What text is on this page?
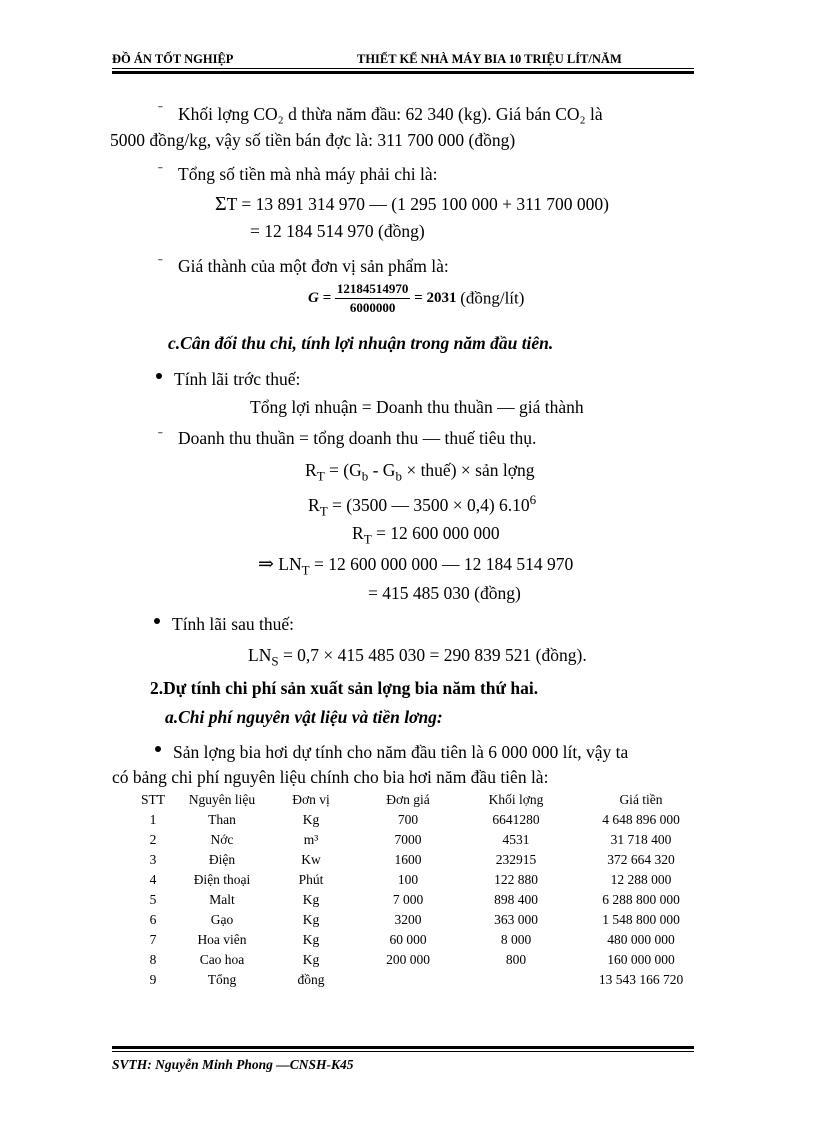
ĐỒ ÁN TỐT NGHIỆP	THIẾT KẾ NHÀ MÁY BIA 10 TRIỆU LÍT/NĂM
ˉ Khối lợng CO₂ d thừa năm đầu: 62 340 (kg). Giá bán CO₂ là
5000 đồng/kg, vậy số tiền bán đợc là: 311 700 000 (đồng)
ˉ Tổng số tiền mà nhà máy phải chi là:
ΣT = 13 891 314 970 — (1 295 100 000 + 311 700 000)
= 12 184 514 970 (đồng)
ˉ Giá thành của một đơn vị sản phẩm là:
$G = \frac{12184514970}{6000000} = 2031$ (đồng/lít)
c.Cân đối thu chi, tính lợi nhuận trong năm đầu tiên.
Tính lãi trớc thuế:
Tổng lợi nhuận = Doanh thu thuần — giá thành
ˉ Doanh thu thuần = tổng doanh thu — thuế tiêu thụ.
$R_T = (G_b - G_b$ × thuế) × sản lợng
$R_T = (3500$ — 3500 × 0,4) 6.10$^6$
$R_T = 12$ 600 000 000
⇒ $LN_T = 12$ 600 000 000 — 12 184 514 970
= 415 485 030 (đồng)
Tính lãi sau thuế:
$LN_S = 0,7 \times 415$ 485 030 = 290 839 521 (đồng).
2.Dự tính chi phí sản xuất sản lợng bia năm thứ hai.
a.Chi phí nguyên vật liệu và tiền lơng:
Sản lợng bia hơi dự tính cho năm đầu tiên là 6 000 000 lít, vậy ta
có bảng chi phí nguyên liệu chính cho bia hơi năm đầu tiên là:
STT	Nguyên liệu	Đơn vị	Đơn giá	Khối lợng	Giá tiền
1	Than	Kg	700	6641280	4 648 896 000
2	Nớc	m³	7000	4531	31 718 400
3	Điện	Kw	1600	232915	372 664 320
4	Điện thoại	Phút	100	122 880	12 288 000
5	Malt	Kg	7 000	898 400	6 288 800 000
6	Gạo	Kg	3200	363 000	1 548 800 000
7	Hoa viên	Kg	60 000	8 000	480 000 000
8	Cao hoa	Kg	200 000	800	160 000 000
9	Tổng	đồng			13 543 166 720
SVTH: Nguyễn Minh Phong —CNSH-K45
